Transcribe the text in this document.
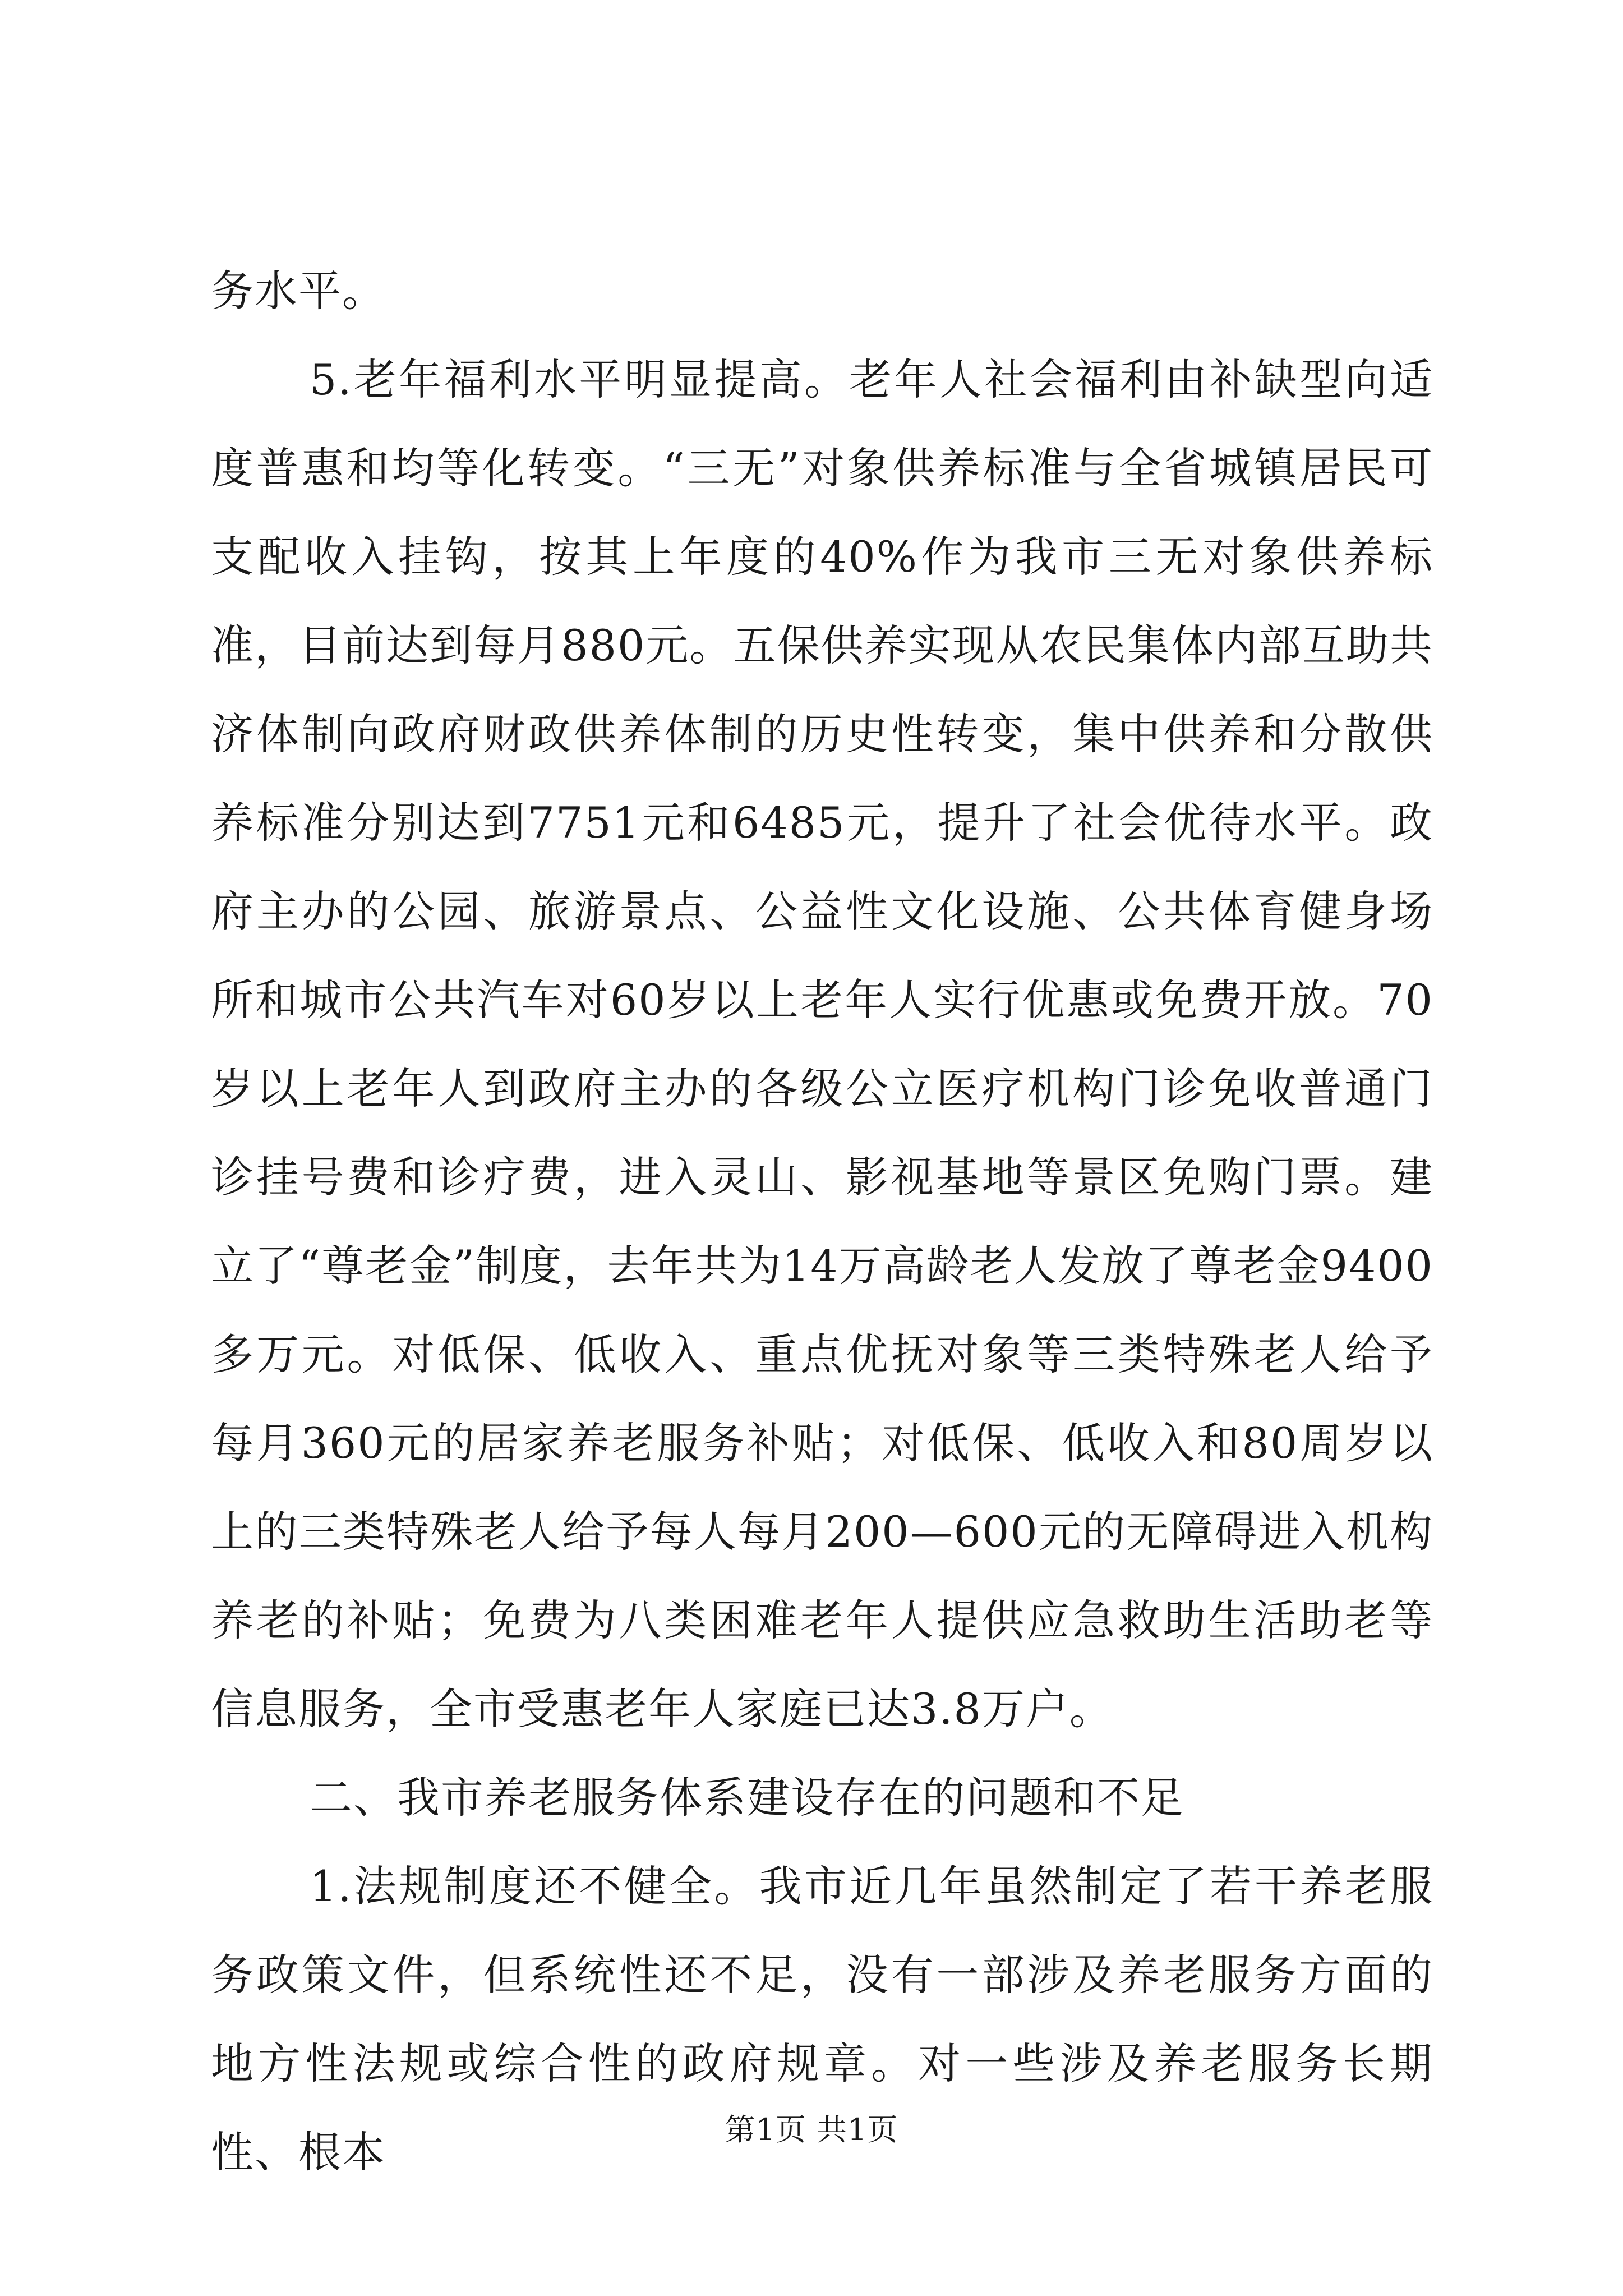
务水平。

5.老年福利水平明显提高。老年人社会福利由补缺型向适度普惠和均等化转变。“三无”对象供养标准与全省城镇居民可支配收入挂钩，按其上年度的40%作为我市三无对象供养标准，目前达到每月880元。五保供养实现从农民集体内部互助共济体制向政府财政供养体制的历史性转变，集中供养和分散供养标准分别达到7751元和6485元，提升了社会优待水平。政府主办的公园、旅游景点、公益性文化设施、公共体育健身场所和城市公共汽车对60岁以上老年人实行优惠或免费开放。70岁以上老年人到政府主办的各级公立医疗机构门诊免收普通门诊挂号费和诊疗费，进入灵山、影视基地等景区免购门票。建立了“尊老金”制度，去年共为14万高龄老人发放了尊老金9400多万元。对低保、低收入、重点优抚对象等三类特殊老人给予每月360元的居家养老服务补贴；对低保、低收入和80周岁以上的三类特殊老人给予每人每月200—600元的无障碍进入机构养老的补贴；免费为八类困难老年人提供应急救助生活助老等信息服务，全市受惠老年人家庭已达3.8万户。

二、我市养老服务体系建设存在的问题和不足

1.法规制度还不健全。我市近几年虽然制定了若干养老服务政策文件，但系统性还不足，没有一部涉及养老服务方面的地方性法规或综合性的政府规章。对一些涉及养老服务长期性、根本	第1页 共1页
